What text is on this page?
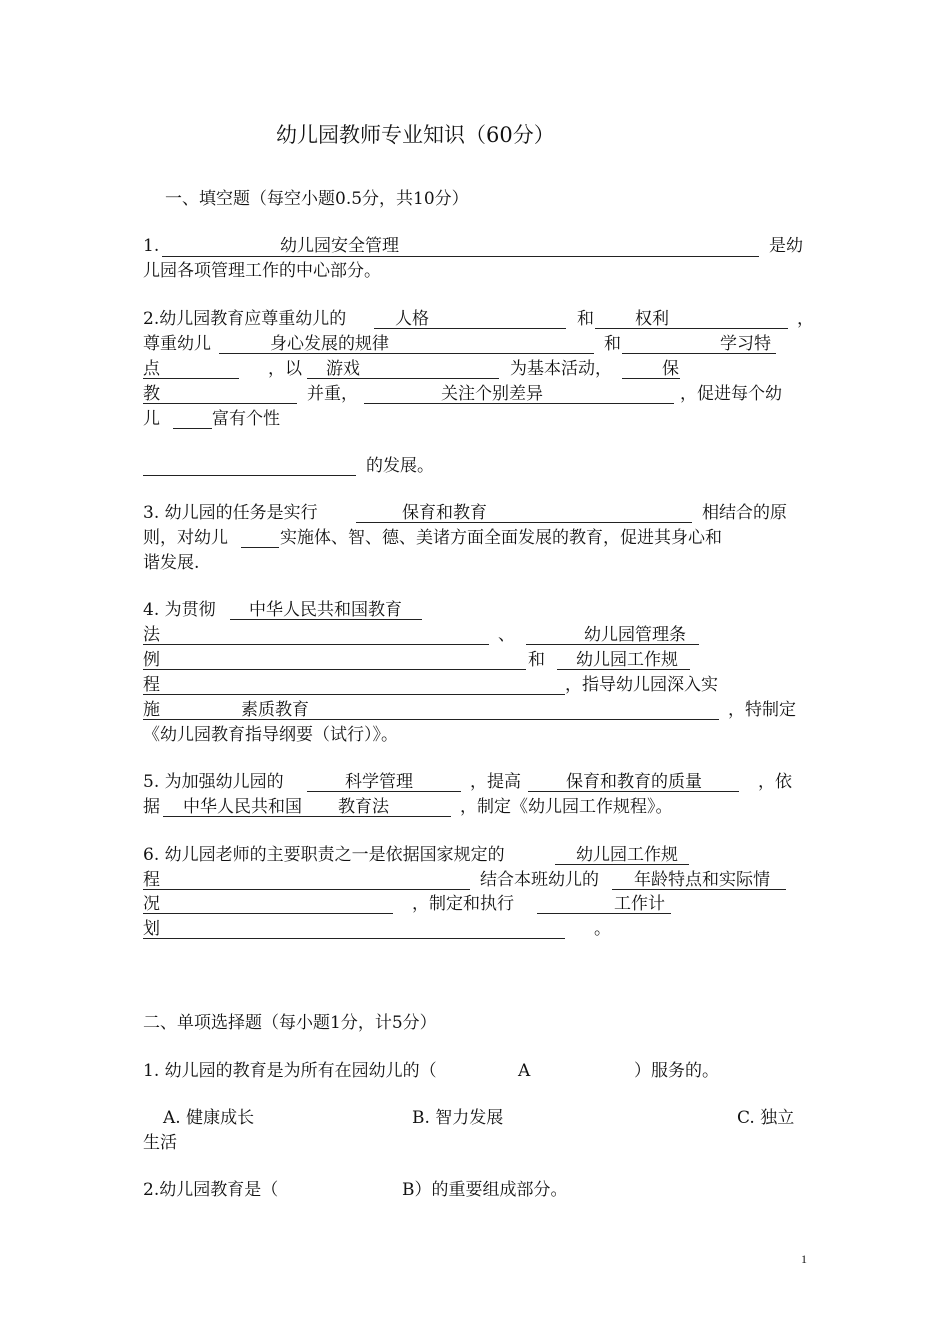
幼儿园教师专业知识（60分）
一、填空题（每空小题0.5分，共10分）
1.	幼儿园安全管理	是幼
儿园各项管理工作的中心部分。
2.幼儿园教育应尊重幼儿的	人格	和 权利	，
尊重幼儿	身心发展的规律	和	学习特
点	，以 游戏	为基本活动，	保
教	并重，	关注个别差异	，促进每个幼
儿	富有个性
的发展。
3. 幼儿园的任务是实行	保育和教育	相结合的原
则，对幼儿	实施体、智、德、美诸方面全面发展的教育，促进其身心和
谐发展.
4. 为贯彻 中华人民共和国教育
法	、	幼儿园管理条
例	和 幼儿园工作规
程	，指导幼儿园深入实
施	素质教育	，特制定
《幼儿园教育指导纲要（试行）》。
5. 为加强幼儿园的	科学管理	，提高	保育和教育的质量	，依
据 中华人民共和国 教育法	，制定《幼儿园工作规程》。
6. 幼儿园老师的主要职责之一是依据国家规定的	幼儿园工作规
程	结合本班幼儿的 年龄特点和实际情
况	，制定和执行	工作计
划	。
二、单项选择题（每小题1分，计5分）
1. 幼儿园的教育是为所有在园幼儿的（	A	）服务的。
A. 健康成长	B. 智力发展	C. 独立
生活
2.幼儿园教育是（	B）的重要组成部分。
1
